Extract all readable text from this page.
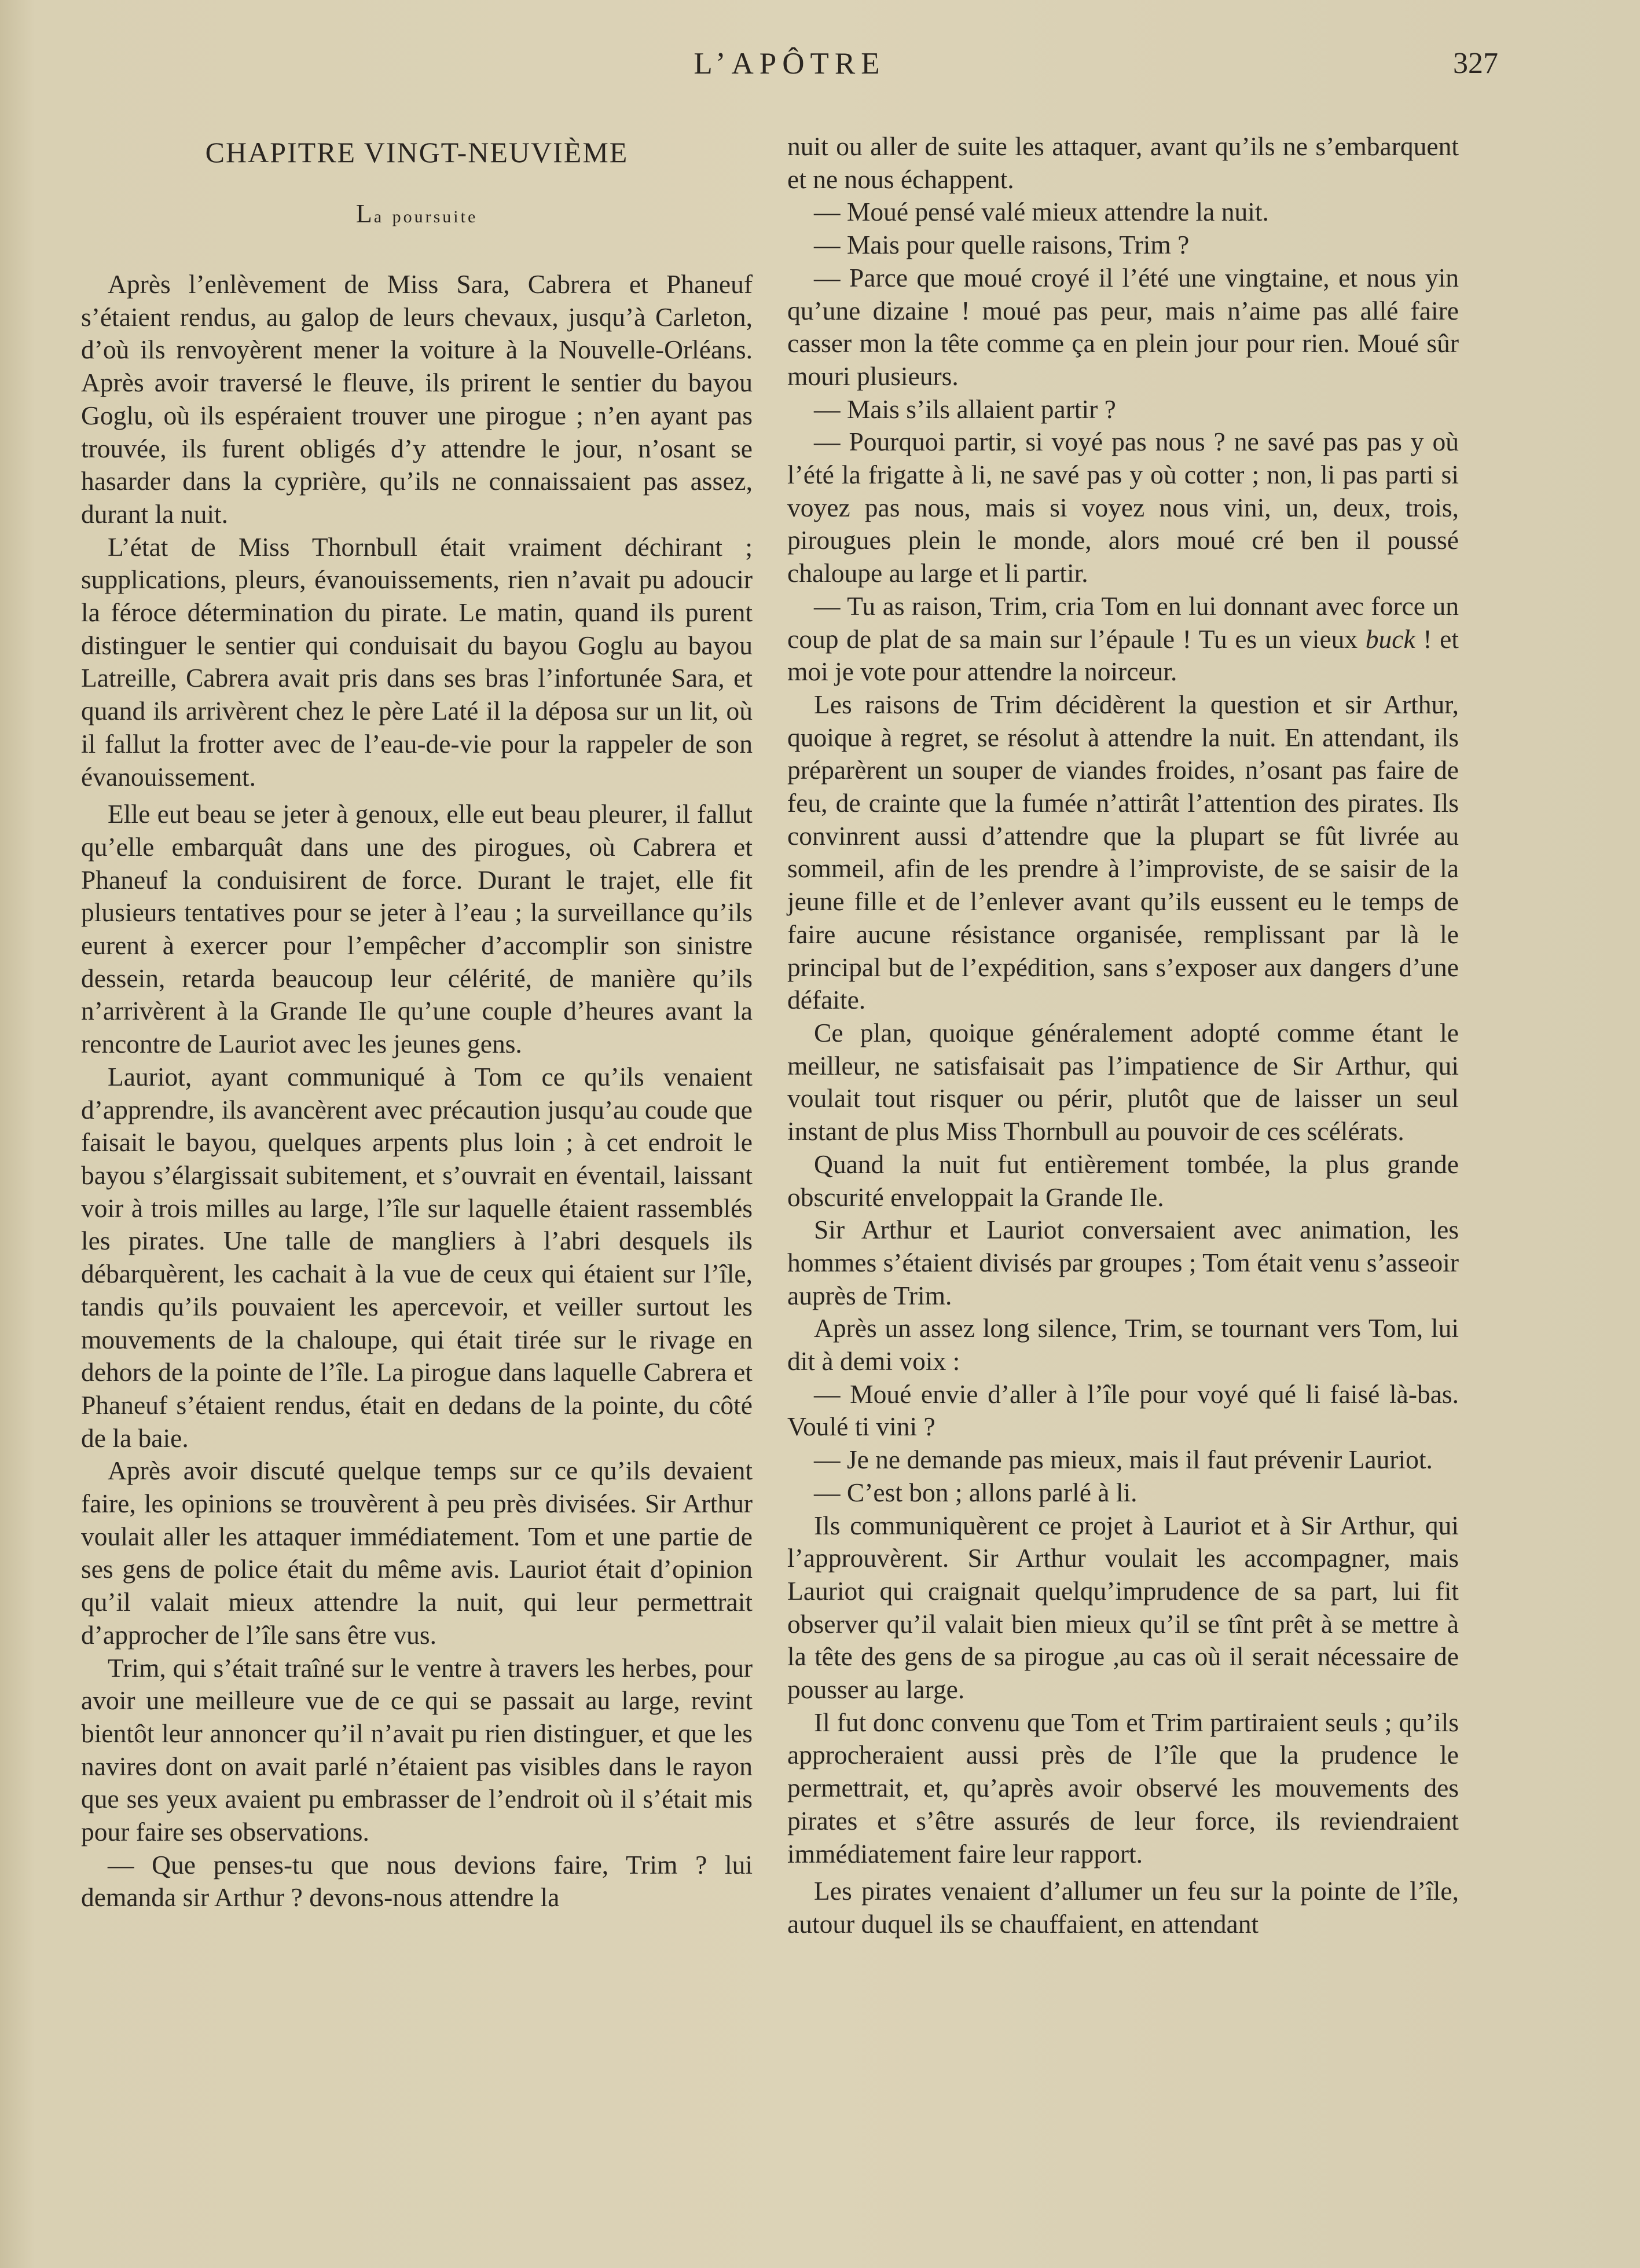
L’APÔTRE	327
CHAPITRE VINGT-NEUVIÈME
La poursuite

Après l’enlèvement de Miss Sara, Cabrera et Phaneuf s’étaient rendus, au galop de leurs chevaux, jusqu’à Carleton, d’où ils renvoyèrent mener la voiture à la Nouvelle-Orléans. Après avoir traversé le fleuve, ils prirent le sentier du bayou Goglu, où ils espéraient trouver une pirogue ; n’en ayant pas trouvée, ils furent obligés d’y attendre le jour, n’osant se hasarder dans la cyprière, qu’ils ne connaissaient pas assez, durant la nuit.

L’état de Miss Thornbull était vraiment déchirant ; supplications, pleurs, évanouissements, rien n’avait pu adoucir la féroce détermination du pirate. Le matin, quand ils purent distinguer le sentier qui conduisait du bayou Goglu au bayou Latreille, Cabrera avait pris dans ses bras l’infortunée Sara, et quand ils arrivèrent chez le père Laté il la déposa sur un lit, où il fallut la frotter avec de l’eau-de-vie pour la rappeler de son évanouissement.

Elle eut beau se jeter à genoux, elle eut beau pleurer, il fallut qu’elle embarquât dans une des pirogues, où Cabrera et Phaneuf la conduisirent de force. Durant le trajet, elle fit plusieurs tentatives pour se jeter à l’eau ; la surveillance qu’ils eurent à exercer pour l’empêcher d’accomplir son sinistre dessein, retarda beaucoup leur célérité, de manière qu’ils n’arrivèrent à la Grande Ile qu’une couple d’heures avant la rencontre de Lauriot avec les jeunes gens.

Lauriot, ayant communiqué à Tom ce qu’ils venaient d’apprendre, ils avancèrent avec précaution jusqu’au coude que faisait le bayou, quelques arpents plus loin ; à cet endroit le bayou s’élargissait subitement, et s’ouvrait en éventail, laissant voir à trois milles au large, l’île sur laquelle étaient rassemblés les pirates. Une talle de mangliers à l’abri desquels ils débarquèrent, les cachait à la vue de ceux qui étaient sur l’île, tandis qu’ils pouvaient les apercevoir, et veiller surtout les mouvements de la chaloupe, qui était tirée sur le rivage en dehors de la pointe de l’île. La pirogue dans laquelle Cabrera et Phaneuf s’étaient rendus, était en dedans de la pointe, du côté de la baie.

Après avoir discuté quelque temps sur ce qu’ils devaient faire, les opinions se trouvèrent à peu près divisées. Sir Arthur voulait aller les attaquer immédiatement. Tom et une partie de ses gens de police était du même avis. Lauriot était d’opinion qu’il valait mieux attendre la nuit, qui leur permettrait d’approcher de l’île sans être vus.

Trim, qui s’était traîné sur le ventre à travers les herbes, pour avoir une meilleure vue de ce qui se passait au large, revint bientôt leur annoncer qu’il n’avait pu rien distinguer, et que les navires dont on avait parlé n’étaient pas visibles dans le rayon que ses yeux avaient pu embrasser de l’endroit où il s’était mis pour faire ses observations.

— Que penses-tu que nous devions faire, Trim ? lui demanda sir Arthur ? devons-nous attendre la

nuit ou aller de suite les attaquer, avant qu’ils ne s’embarquent et ne nous échappent.

— Moué pensé valé mieux attendre la nuit.

— Mais pour quelle raisons, Trim ?

— Parce que moué croyé il l’été une vingtaine, et nous yin qu’une dizaine ! moué pas peur, mais n’aime pas allé faire casser mon la tête comme ça en plein jour pour rien. Moué sûr mouri plusieurs.

— Mais s’ils allaient partir ?

— Pourquoi partir, si voyé pas nous ? ne savé pas pas y où l’été la frigatte à li, ne savé pas y où cotter ; non, li pas parti si voyez pas nous, mais si voyez nous vini, un, deux, trois, pirougues plein le monde, alors moué cré ben il poussé chaloupe au large et li partir.

— Tu as raison, Trim, cria Tom en lui donnant avec force un coup de plat de sa main sur l’épaule ! Tu es un vieux buck ! et moi je vote pour attendre la noirceur.

Les raisons de Trim décidèrent la question et sir Arthur, quoique à regret, se résolut à attendre la nuit. En attendant, ils préparèrent un souper de viandes froides, n’osant pas faire de feu, de crainte que la fumée n’attirât l’attention des pirates. Ils convinrent aussi d’attendre que la plupart se fût livrée au sommeil, afin de les prendre à l’improviste, de se saisir de la jeune fille et de l’enlever avant qu’ils eussent eu le temps de faire aucune résistance organisée, remplissant par là le principal but de l’expédition, sans s’exposer aux dangers d’une défaite.

Ce plan, quoique généralement adopté comme étant le meilleur, ne satisfaisait pas l’impatience de Sir Arthur, qui voulait tout risquer ou périr, plutôt que de laisser un seul instant de plus Miss Thornbull au pouvoir de ces scélérats.

Quand la nuit fut entièrement tombée, la plus grande obscurité enveloppait la Grande Ile.

Sir Arthur et Lauriot conversaient avec animation, les hommes s’étaient divisés par groupes ; Tom était venu s’asseoir auprès de Trim.

Après un assez long silence, Trim, se tournant vers Tom, lui dit à demi voix :

— Moué envie d’aller à l’île pour voyé qué li faisé là-bas. Voulé ti vini ?

— Je ne demande pas mieux, mais il faut prévenir Lauriot.

— C’est bon ; allons parlé à li.

Ils communiquèrent ce projet à Lauriot et à Sir Arthur, qui l’approuvèrent. Sir Arthur voulait les accompagner, mais Lauriot qui craignait quelqu’imprudence de sa part, lui fit observer qu’il valait bien mieux qu’il se tînt prêt à se mettre à la tête des gens de sa pirogue ,au cas où il serait nécessaire de pousser au large.

Il fut donc convenu que Tom et Trim partiraient seuls ; qu’ils approcheraient aussi près de l’île que la prudence le permettrait, et, qu’après avoir observé les mouvements des pirates et s’être assurés de leur force, ils reviendraient immédiatement faire leur rapport.

Les pirates venaient d’allumer un feu sur la pointe de l’île, autour duquel ils se chauffaient, en attendant
